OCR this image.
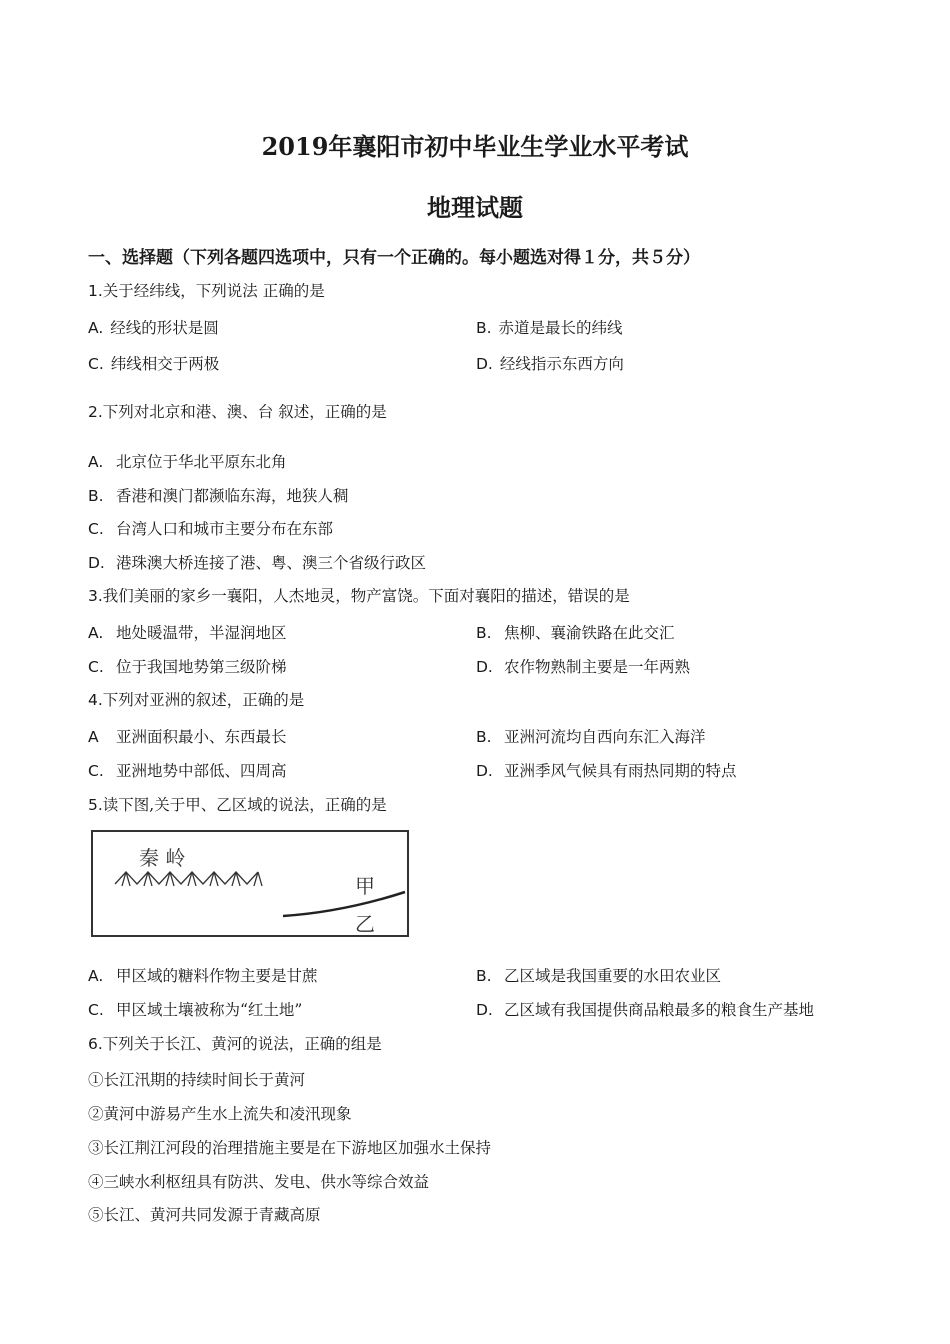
2019年襄阳市初中毕业生学业水平考试
地理试题
一、选择题（下列各题四选项中，只有一个正确的。每小题选对得１分，共５分）
1.关于经纬线，下列说法 正确的是
A. 经线的形状是圆	B. 赤道是最长的纬线
C. 纬线相交于两极	D. 经线指示东西方向
2.下列对北京和港、澳、台 叙述，正确的是
A. 北京位于华北平原东北角
B. 香港和澳门都濒临东海，地狭人稠
C. 台湾人口和城市主要分布在东部
D. 港珠澳大桥连接了港、粤、澳三个省级行政区
3.我们美丽的家乡一襄阳，人杰地灵，物产富饶。下面对襄阳的描述，错误的是
A. 地处暖温带，半湿润地区	B. 焦柳、襄渝铁路在此交汇
C. 位于我国地势第三级阶梯	D. 农作物熟制主要是一年两熟
4.下列对亚洲的叙述，正确的是
A 亚洲面积最小、东西最长	B. 亚洲河流均自西向东汇入海洋
C. 亚洲地势中部低、四周高	D. 亚洲季风气候具有雨热同期的特点
5.读下图,关于甲、乙区域的说法，正确的是
秦 岭
甲
乙
A. 甲区域的糖料作物主要是甘蔗	B. 乙区域是我国重要的水田农业区
C. 甲区域土壤被称为“红土地”	D. 乙区域有我国提供商品粮最多的粮食生产基地
6.下列关于长江、黄河的说法，正确的组是
①长江汛期的持续时间长于黄河
②黄河中游易产生水上流失和凌汛现象
③长江荆江河段的治理措施主要是在下游地区加强水土保持
④三峡水利枢纽具有防洪、发电、供水等综合效益
⑤长江、黄河共同发源于青藏高原
